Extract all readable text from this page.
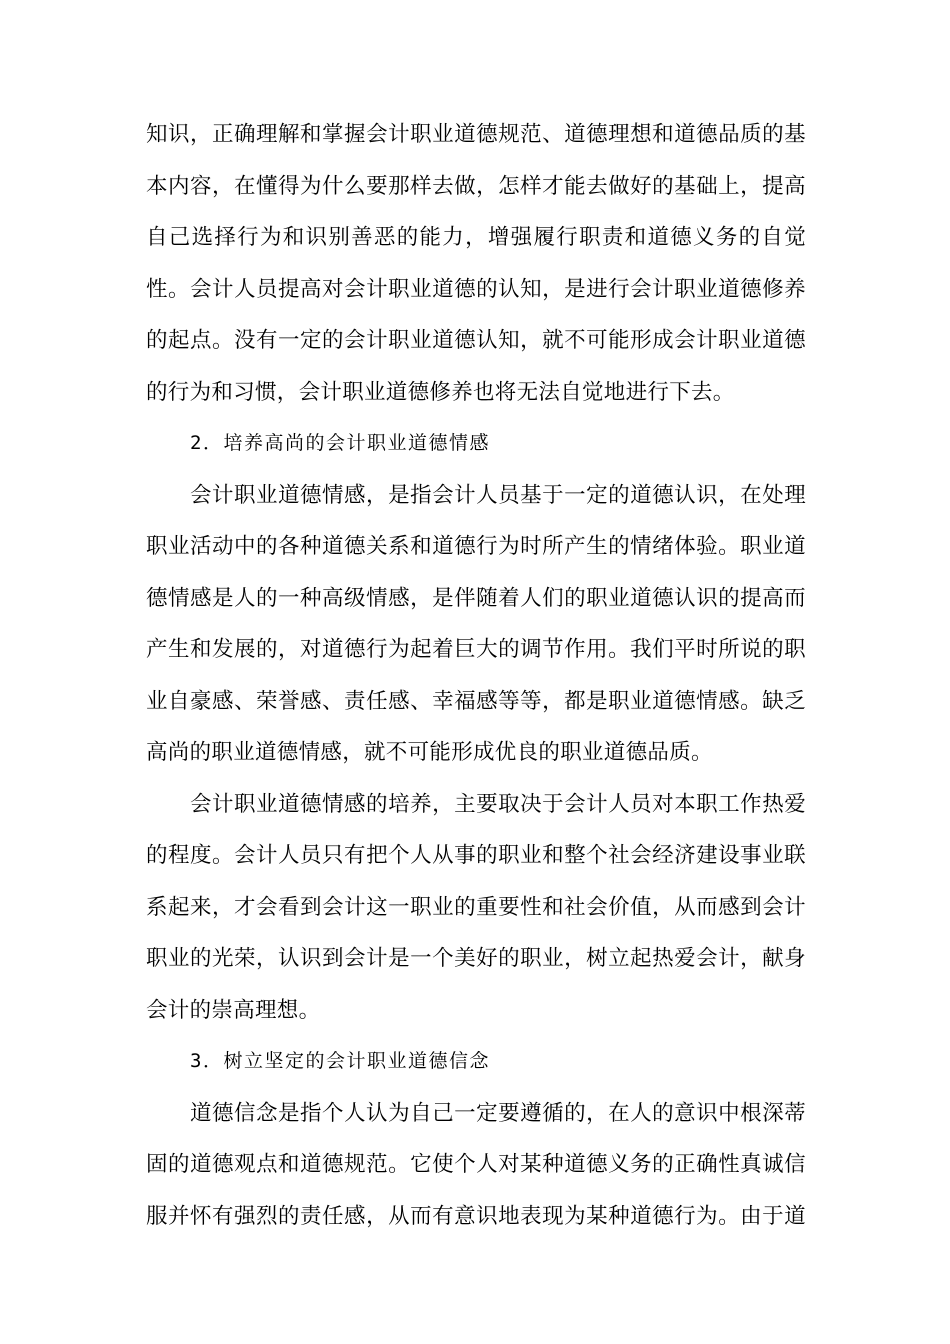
知识，正确理解和掌握会计职业道德规范、道德理想和道德品质的基
本内容，在懂得为什么要那样去做，怎样才能去做好的基础上，提高
自己选择行为和识别善恶的能力，增强履行职责和道德义务的自觉
性。会计人员提高对会计职业道德的认知，是进行会计职业道德修养
的起点。没有一定的会计职业道德认知，就不可能形成会计职业道德
的行为和习惯，会计职业道德修养也将无法自觉地进行下去。
2．培养高尚的会计职业道德情感
会计职业道德情感，是指会计人员基于一定的道德认识，在处理
职业活动中的各种道德关系和道德行为时所产生的情绪体验。职业道
德情感是人的一种高级情感，是伴随着人们的职业道德认识的提高而
产生和发展的，对道德行为起着巨大的调节作用。我们平时所说的职
业自豪感、荣誉感、责任感、幸福感等等，都是职业道德情感。缺乏
高尚的职业道德情感，就不可能形成优良的职业道德品质。
会计职业道德情感的培养，主要取决于会计人员对本职工作热爱
的程度。会计人员只有把个人从事的职业和整个社会经济建设事业联
系起来，才会看到会计这一职业的重要性和社会价值，从而感到会计
职业的光荣，认识到会计是一个美好的职业，树立起热爱会计，献身
会计的崇高理想。
3．树立坚定的会计职业道德信念
道德信念是指个人认为自己一定要遵循的，在人的意识中根深蒂
固的道德观点和道德规范。它使个人对某种道德义务的正确性真诚信
服并怀有强烈的责任感，从而有意识地表现为某种道德行为。由于道
